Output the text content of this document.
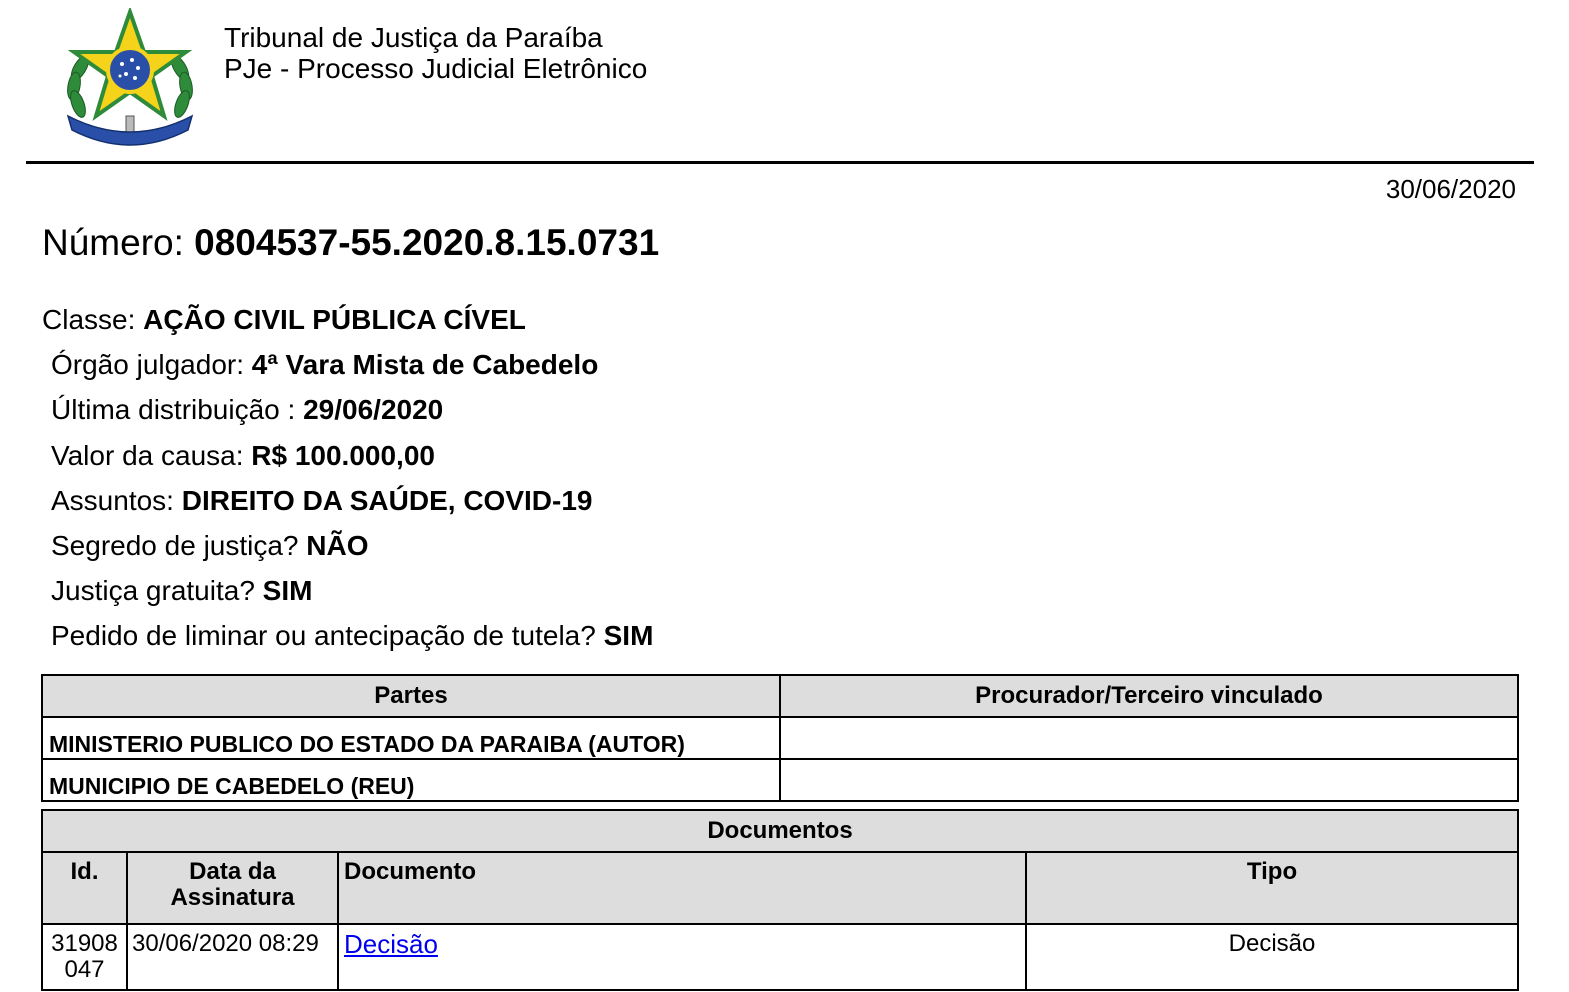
Tribunal de Justiça da Paraíba
PJe - Processo Judicial Eletrônico
30/06/2020
Número: 0804537-55.2020.8.15.0731
Classe: AÇÃO CIVIL PÚBLICA CÍVEL
Órgão julgador: 4ª Vara Mista de Cabedelo
Última distribuição : 29/06/2020
Valor da causa: R$ 100.000,00
Assuntos: DIREITO DA SAÚDE, COVID-19
Segredo de justiça? NÃO
Justiça gratuita? SIM
Pedido de liminar ou antecipação de tutela? SIM
Partes	Procurador/Terceiro vinculado
MINISTERIO PUBLICO DO ESTADO DA PARAIBA (AUTOR)	
MUNICIPIO DE CABEDELO (REU)	
Documentos			
Id.	Data da Assinatura	Documento	Tipo
31908047	30/06/2020 08:29	Decisão	Decisão
